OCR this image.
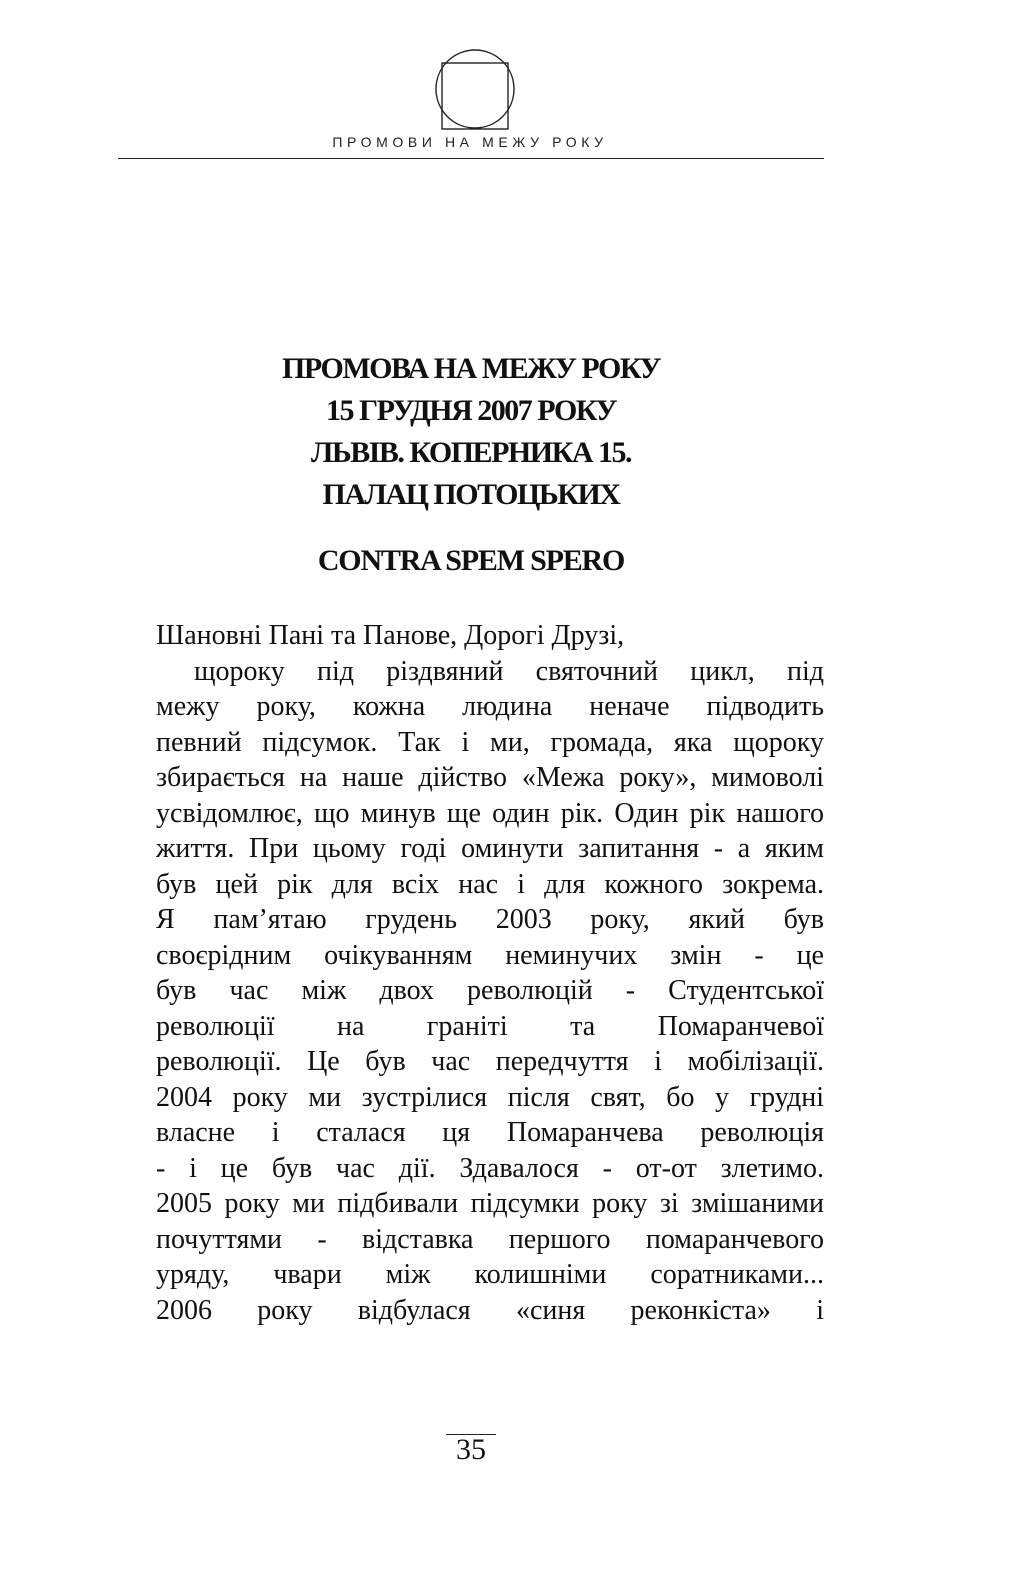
ПРОМОВИ НА МЕЖУ РОКУ
ПРОМОВА НА МЕЖУ РОКУ
15 ГРУДНЯ 2007 РОКУ
ЛЬВІВ. КОПЕРНИКА 15.
ПАЛАЦ ПОТОЦЬКИХ
CONTRA SPEM SPERO

Шановні Пані та Панове, Дорогі Друзі,

щороку під різдвяний святочний цикл, під
межу року, кожна людина неначе підводить
певний підсумок. Так і ми, громада, яка щороку
збирається на наше дійство «Межа року», мимоволі
усвідомлює, що минув ще один рік. Один рік нашого
життя. При цьому годі оминути запитання - а яким
був цей рік для всіх нас і для кожного зокрема.
Я пам’ятаю грудень 2003 року, який був
своєрідним очікуванням неминучих змін - це
був час між двох революцій - Студентської
революції на граніті та Помаранчевої
революції. Це був час передчуття і мобілізації.
2004 року ми зустрілися після свят, бо у грудні
власне і сталася ця Помаранчева революція
- і це був час дії. Здавалося - от-от злетимо.
2005 року ми підбивали підсумки року зі змішаними
почуттями - відставка першого помаранчевого
уряду, чвари між колишніми соратниками...
2006 року відбулася «синя реконкіста» і
35
